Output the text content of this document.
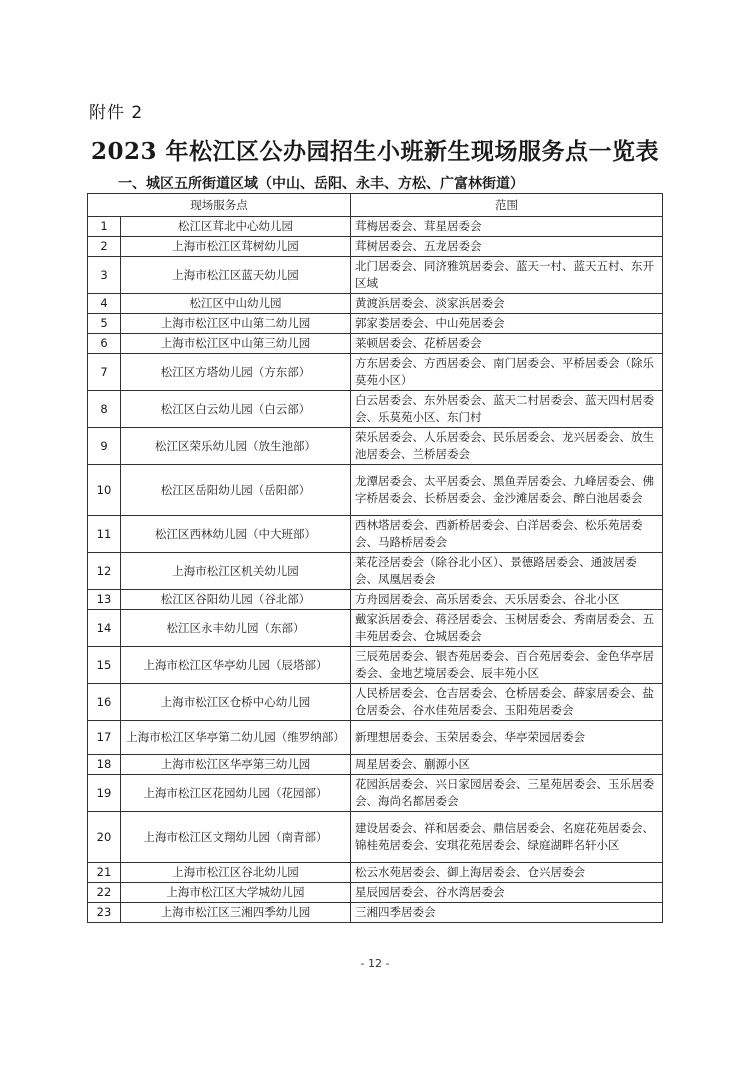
附件 2
2023 年松江区公办园招生小班新生现场服务点一览表
一、城区五所街道区域（中山、岳阳、永丰、方松、广富林街道）
现场服务点		范围
1	松江区茸北中心幼儿园	茸梅居委会、茸星居委会
2	上海市松江区茸树幼儿园	茸树居委会、五龙居委会
3	上海市松江区蓝天幼儿园	北门居委会、同济雅筑居委会、蓝天一村、蓝天五村、东开区域
4	松江区中山幼儿园	黄渡浜居委会、淡家浜居委会
5	上海市松江区中山第二幼儿园	郭家娄居委会、中山苑居委会
6	上海市松江区中山第三幼儿园	莱顿居委会、花桥居委会
7	松江区方塔幼儿园（方东部）	方东居委会、方西居委会、南门居委会、平桥居委会（除乐莫苑小区）
8	松江区白云幼儿园（白云部）	白云居委会、东外居委会、蓝天二村居委会、蓝天四村居委会、乐莫苑小区、东门村
9	松江区荣乐幼儿园（放生池部）	荣乐居委会、人乐居委会、民乐居委会、龙兴居委会、放生池居委会、兰桥居委会
10	松江区岳阳幼儿园（岳阳部）	龙潭居委会、太平居委会、黑鱼弄居委会、九峰居委会、佛字桥居委会、长桥居委会、金沙滩居委会、醉白池居委会
11	松江区西林幼儿园（中大班部）	西林塔居委会、西新桥居委会、白洋居委会、松乐苑居委会、马路桥居委会
12	上海市松江区机关幼儿园	莱花泾居委会（除谷北小区）、景德路居委会、通波居委会、凤凰居委会
13	松江区谷阳幼儿园（谷北部）	方舟园居委会、高乐居委会、天乐居委会、谷北小区
14	松江区永丰幼儿园（东部）	戴家浜居委会、蒋泾居委会、玉树居委会、秀南居委会、五丰苑居委会、仓城居委会
15	上海市松江区华亭幼儿园（辰塔部）	三辰苑居委会、银杏苑居委会、百合苑居委会、金色华亭居委会、金地艺境居委会、辰丰苑小区
16	上海市松江区仓桥中心幼儿园	人民桥居委会、仓吉居委会、仓桥居委会、薛家居委会、盐仓居委会、谷水佳苑居委会、玉阳苑居委会
17	上海市松江区华亭第二幼儿园（维罗纳部）	新理想居委会、玉荣居委会、华亭荣园居委会
18	上海市松江区华亭第三幼儿园	周星居委会、蒯源小区
19	上海市松江区花园幼儿园（花园部）	花园浜居委会、兴日家园居委会、三星苑居委会、玉乐居委会、海尚名都居委会
20	上海市松江区文翔幼儿园（南青部）	建设居委会、祥和居委会、鼎信居委会、名庭花苑居委会、锦桂苑居委会、安琪花苑居委会、绿庭湖畔名轩小区
21	上海市松江区谷北幼儿园	松云水苑居委会、御上海居委会、仓兴居委会
22	上海市松江区大学城幼儿园	星辰园居委会、谷水湾居委会
23	上海市松江区三湘四季幼儿园	三湘四季居委会
- 12 -
